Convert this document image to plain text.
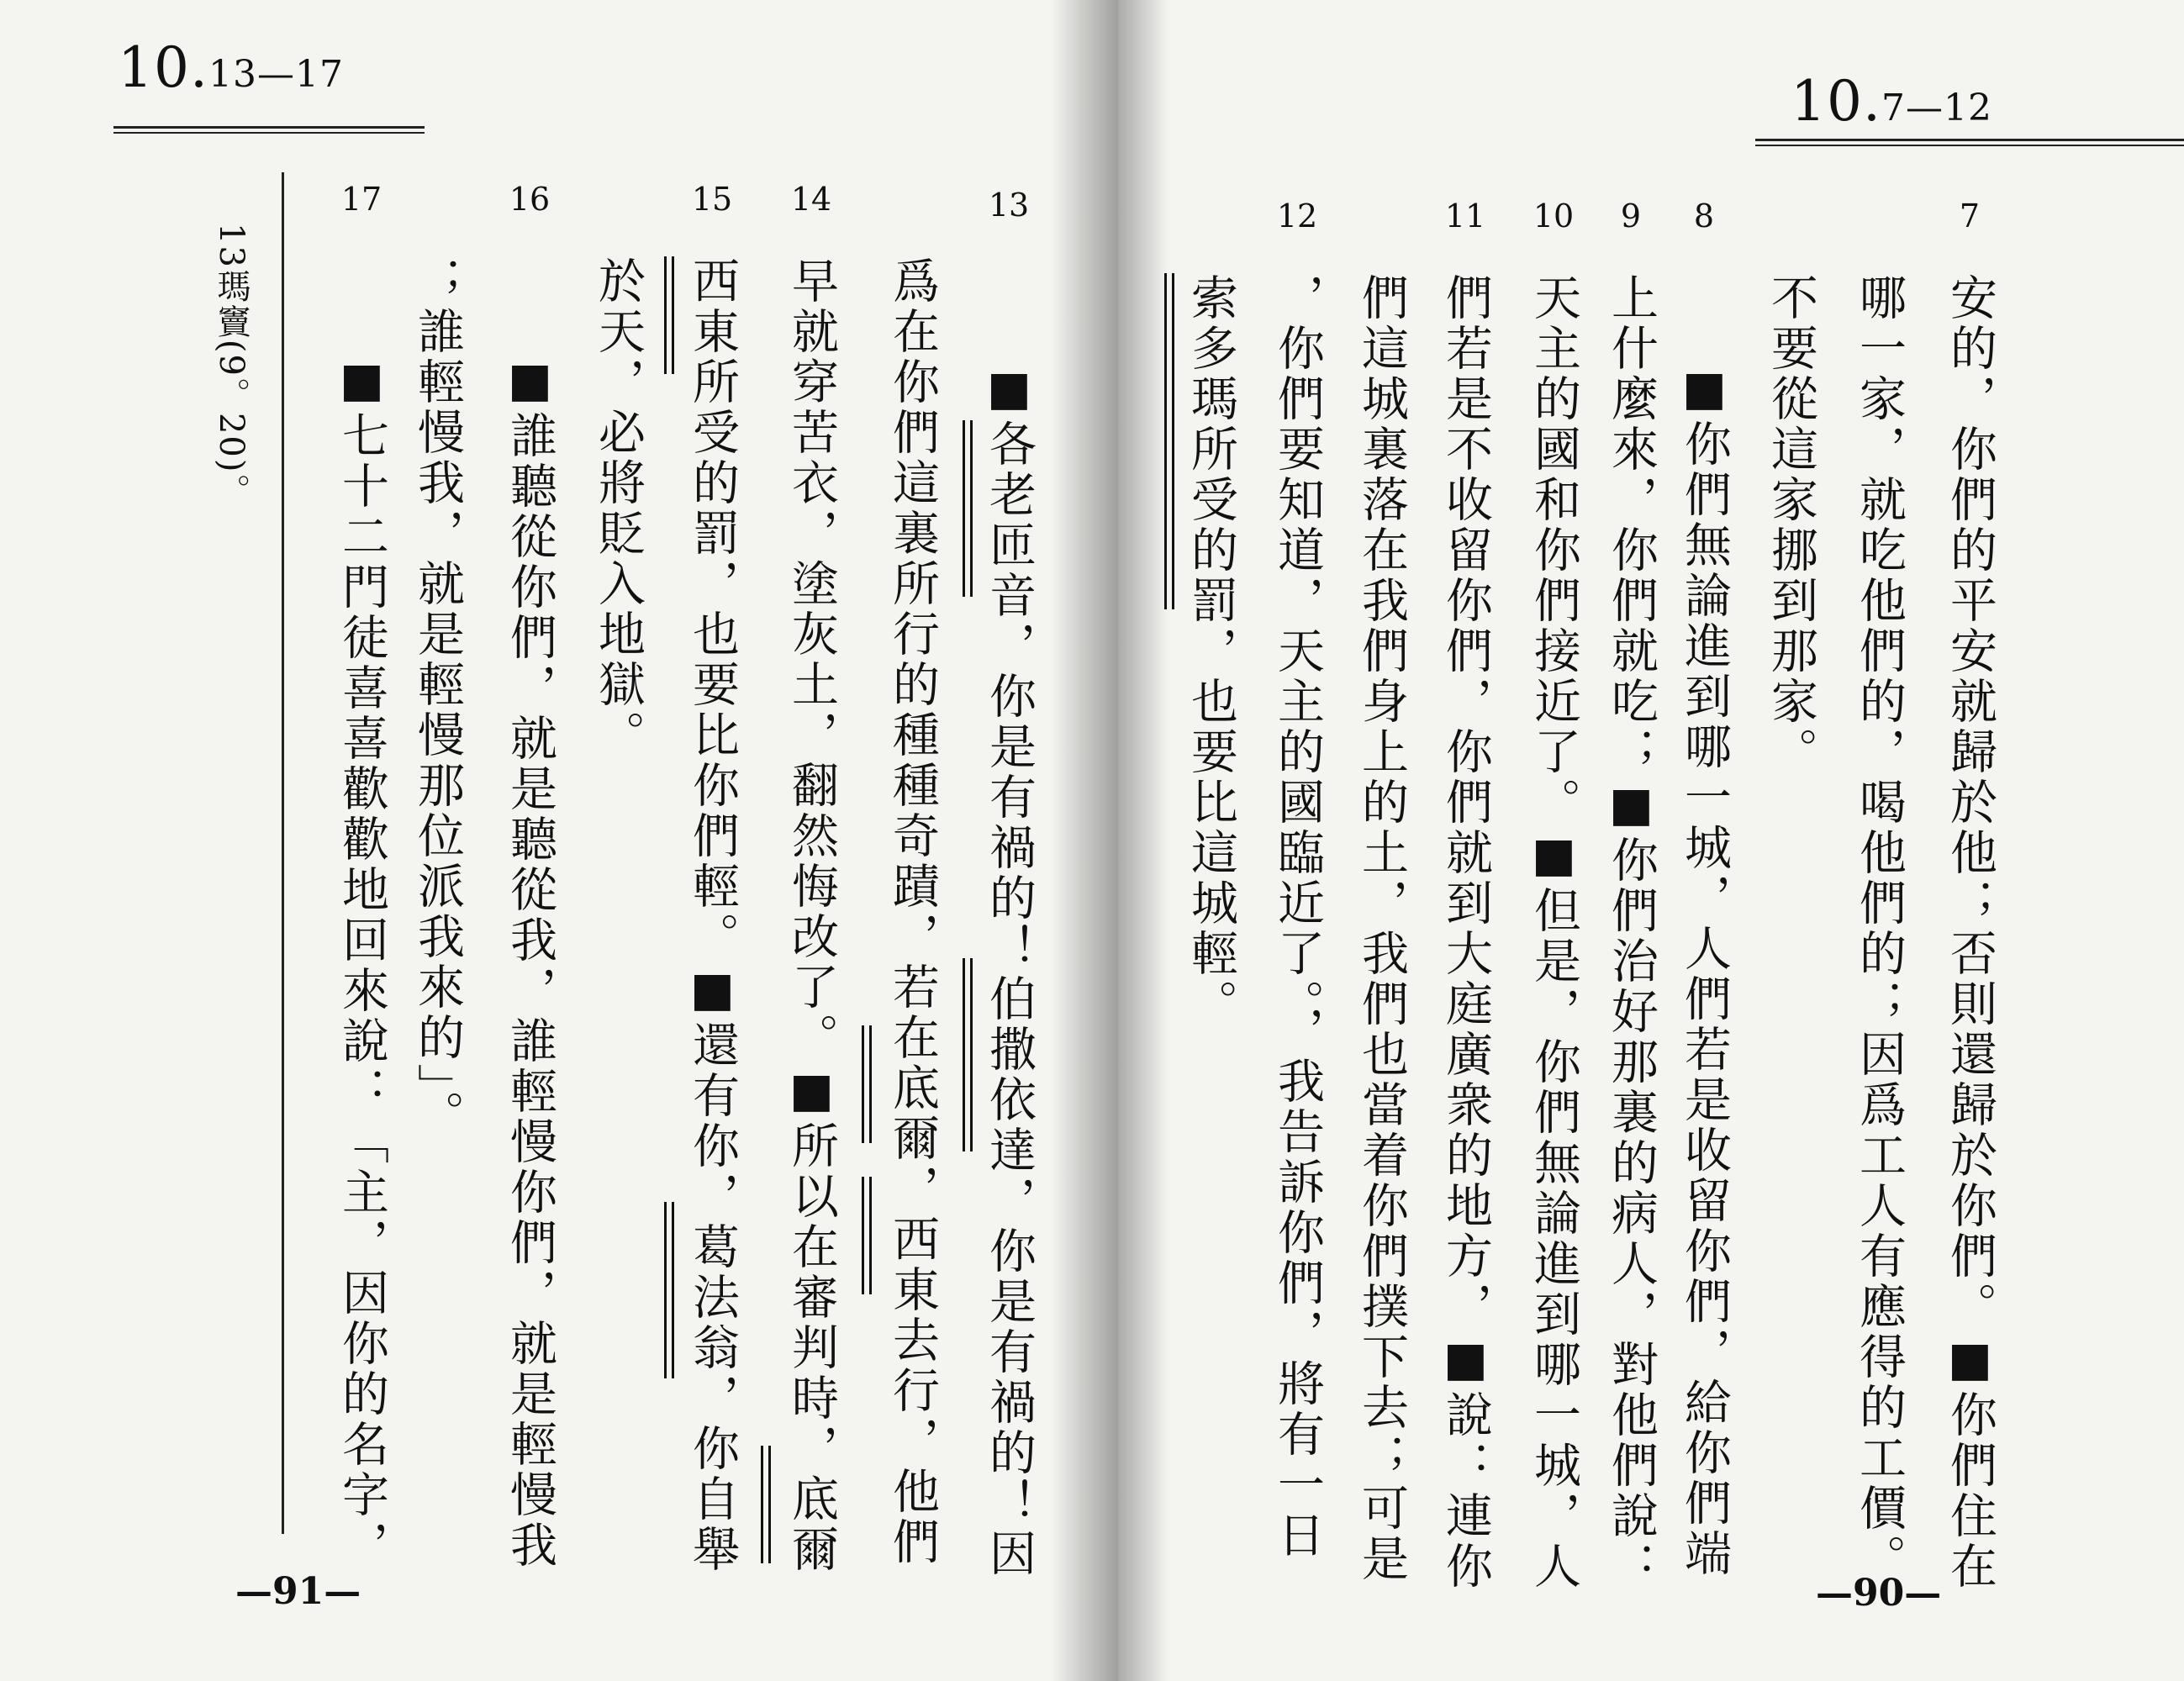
10.13—17
13瑪竇(9。20)。
13
14
15
16
17
■各老匝音，你是有禍的！伯撒依達，你是有禍的！因
爲在你們這裏所行的種種奇蹟，若在底爾，西東去行，他們
早就穿苦衣，塗灰土，翻然悔改了。■所以在審判時，底爾
西東所受的罰，也要比你們輕。■還有你，葛法翁，你自舉
於天，必將貶入地獄。
■誰聽從你們，就是聽從我，誰輕慢你們，就是輕慢我
；誰輕慢我，就是輕慢那位派我來的」。
■七十二門徒喜喜歡歡地回來說：「主，因你的名字，
—91—
10.7—12
7
8
9
10
11
12
安的，你們的平安就歸於他；否則還歸於你們。■你們住在
哪一家，就吃他們的，喝他們的；因爲工人有應得的工價。
不要從這家挪到那家。
■你們無論進到哪一城，人們若是收留你們，給你們端
上什麼來，你們就吃；■你們治好那裏的病人，對他們說：
天主的國和你們接近了。■但是，你們無論進到哪一城，人
們若是不收留你們，你們就到大庭廣衆的地方，■說：連你
們這城裏落在我們身上的土，我們也當着你們撲下去；可是
，你們要知道，天主的國臨近了。，我告訴你們，將有一日
索多瑪所受的罰，也要比這城輕。
—90—
